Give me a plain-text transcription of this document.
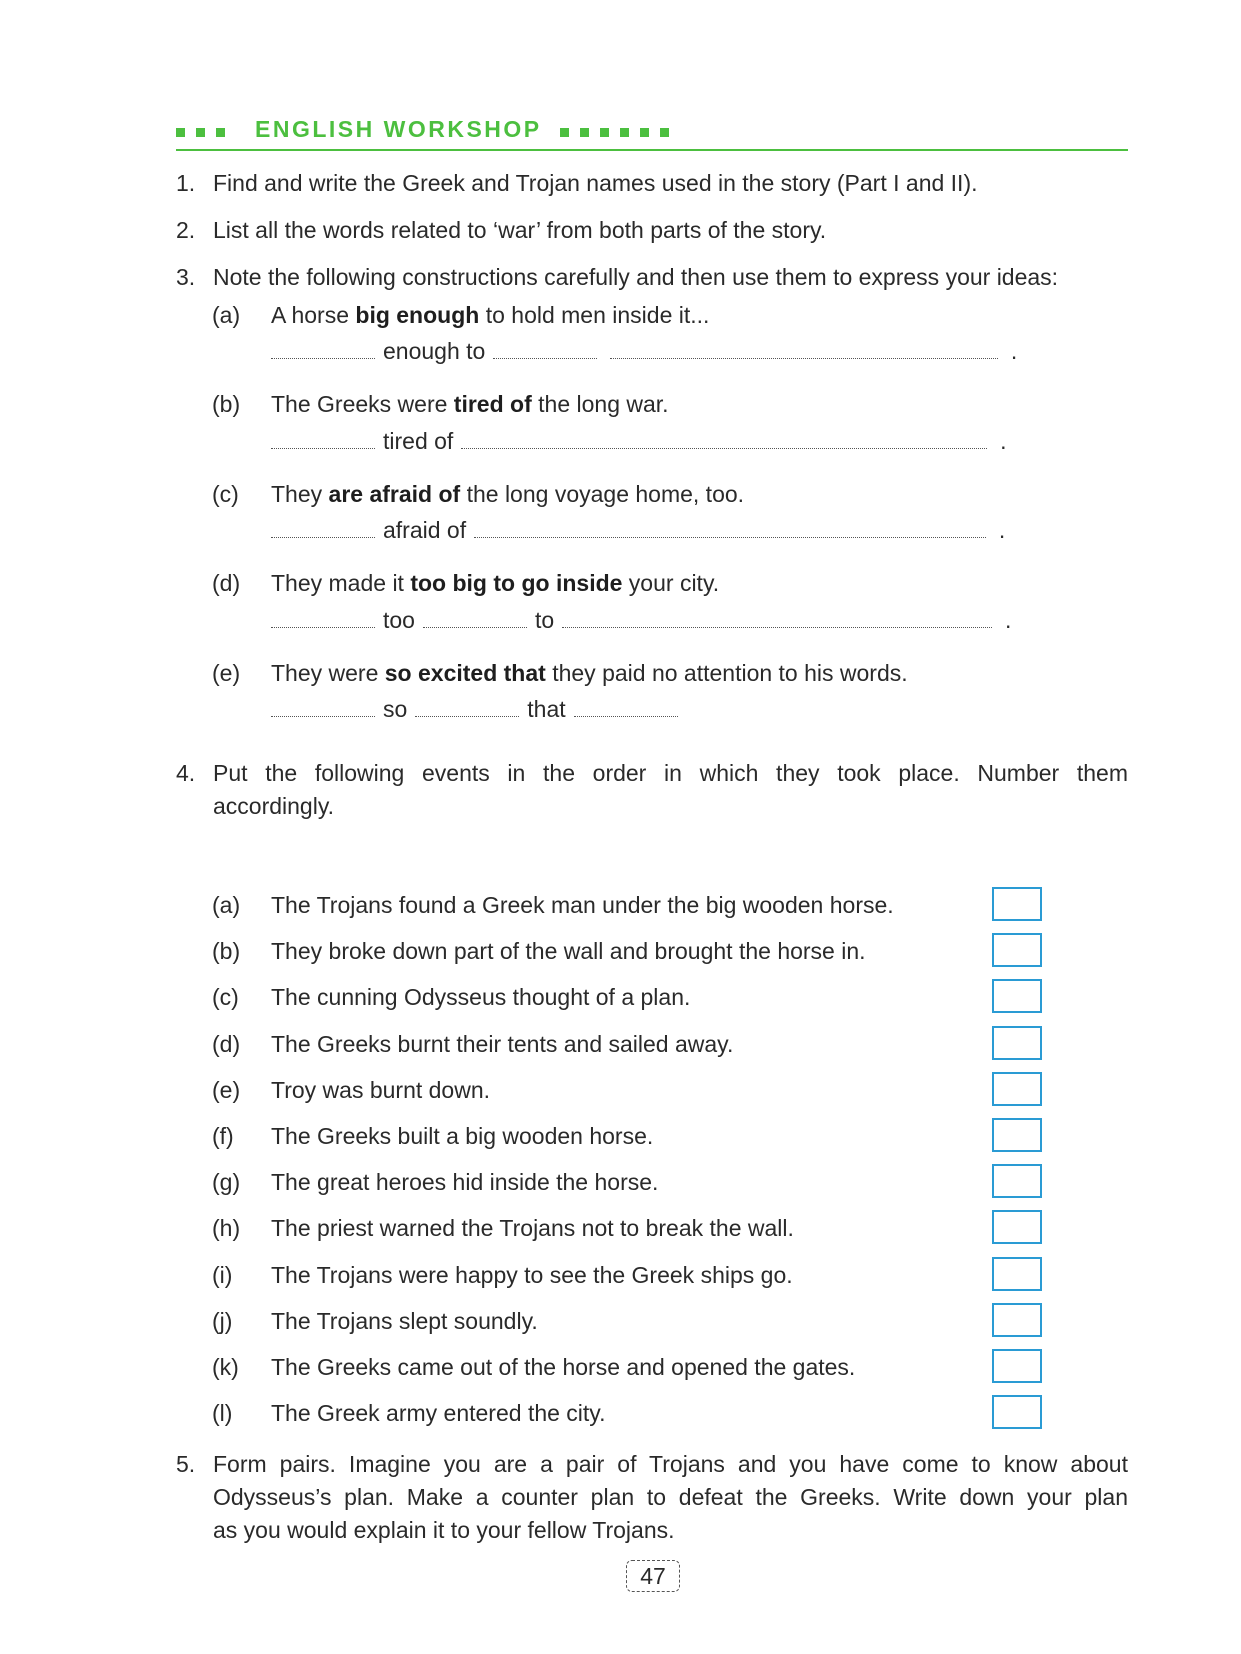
ENGLISH WORKSHOP
1. Find and write the Greek and Trojan names used in the story (Part I and II).
2. List all the words related to ‘war’ from both parts of the story.
3. Note the following constructions carefully and then use them to express your ideas:
(a)	A horse big enough to hold men inside it...
enough to	.
(b)	The Greeks were tired of the long war.
tired of	.
(c)	They are afraid of the long voyage home, too.
afraid of	.
(d)	They made it too big to go inside your city.
too	to	.
(e)	They were so excited that they paid no attention to his words.
so	that
4. Put the following events in the order in which they took place. Number them
accordingly.
(a)	The Trojans found a Greek man under the big wooden horse.
(b)	They broke down part of the wall and brought the horse in.
(c)	The cunning Odysseus thought of a plan.
(d)	The Greeks burnt their tents and sailed away.
(e)	Troy was burnt down.
(f)	The Greeks built a big wooden horse.
(g)	The great heroes hid inside the horse.
(h)	The priest warned the Trojans not to break the wall.
(i)	The Trojans were happy to see the Greek ships go.
(j)	The Trojans slept soundly.
(k)	The Greeks came out of the horse and opened the gates.
(l)	The Greek army entered the city.
5. Form pairs. Imagine you are a pair of Trojans and you have come to know about
Odysseus’s plan. Make a counter plan to defeat the Greeks. Write down your plan
as you would explain it to your fellow Trojans.
47
